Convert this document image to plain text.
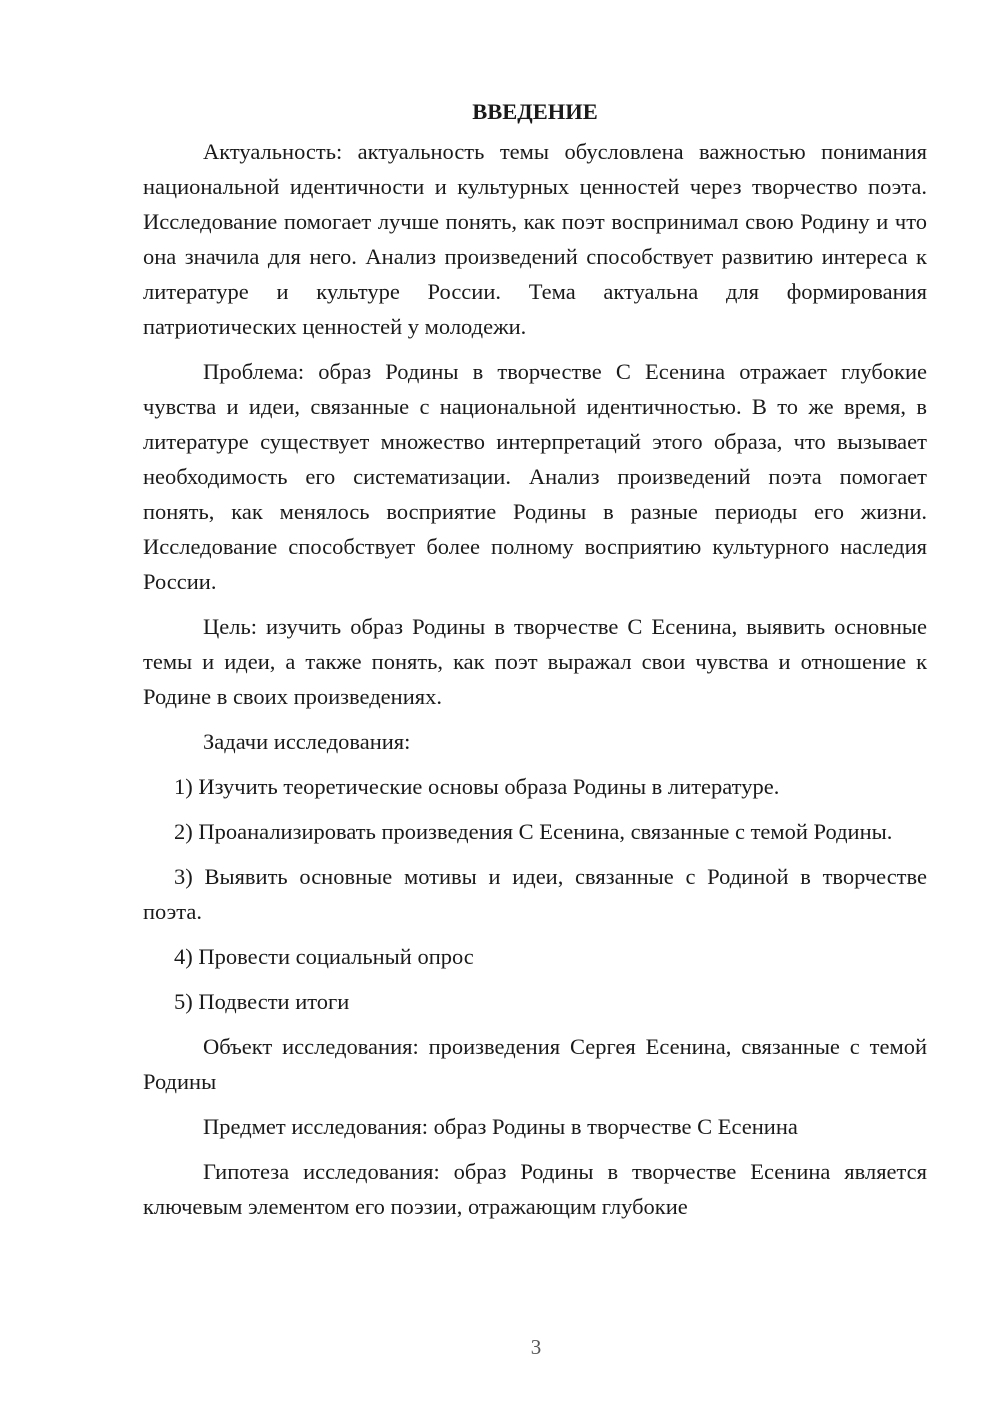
ВВЕДЕНИЕ

Актуальность: актуальность темы обусловлена важностью понимания национальной идентичности и культурных ценностей через творчество поэта. Исследование помогает лучше понять, как поэт воспринимал свою Родину и что она значила для него. Анализ произведений способствует развитию интереса к литературе и культуре России. Тема актуальна для формирования патриотических ценностей у молодежи.

Проблема: образ Родины в творчестве С Есенина отражает глубокие чувства и идеи, связанные с национальной идентичностью. В то же время, в литературе существует множество интерпретаций этого образа, что вызывает необходимость его систематизации. Анализ произведений поэта помогает понять, как менялось восприятие Родины в разные периоды его жизни. Исследование способствует более полному восприятию культурного наследия России.

Цель: изучить образ Родины в творчестве С Есенина, выявить основные темы и идеи, а также понять, как поэт выражал свои чувства и отношение к Родине в своих произведениях.

Задачи исследования:

1) Изучить теоретические основы образа Родины в литературе.

2) Проанализировать произведения С Есенина, связанные с темой Родины.

3) Выявить основные мотивы и идеи, связанные с Родиной в творчестве поэта.

4) Провести социальный опрос

5) Подвести итоги

Объект исследования: произведения Сергея Есенина, связанные с темой Родины

Предмет исследования: образ Родины в творчестве С Есенина

Гипотеза исследования: образ Родины в творчестве Есенина является ключевым элементом его поэзии, отражающим глубокие

3
